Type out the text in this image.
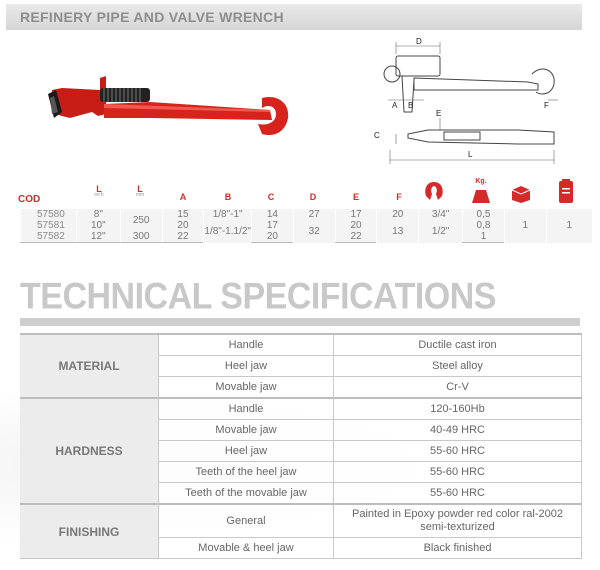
REFINERY PIPE AND VALVE WRENCH
D
A B	F
C
E
L
COD
L
inch
L
mm	A	B	C	D	E	F
Kg.
57580	8"	250	15	1/8"-1"	14	27	17	20	3/4"	0,5	1	1
57581	10"		20	1/8"-1.1/2"	17	32	20	13	1/2"	0,8		
57582	12"	300	22		20		22			1		
TECHNICAL SPECIFICATIONS
MATERIAL	Handle	Ductile cast iron
	Heel jaw	Steel alloy
	Movable jaw	Cr-V
HARDNESS	Handle	120-160Hb
	Movable jaw	40-49 HRC
	Heel jaw	55-60 HRC
	Teeth of the heel jaw	55-60 HRC
	Teeth of the movable jaw	55-60 HRC
FINISHING	General	Painted in Epoxy powder red color ral-2002
semi-texturized
	Movable & heel jaw	Black finished
